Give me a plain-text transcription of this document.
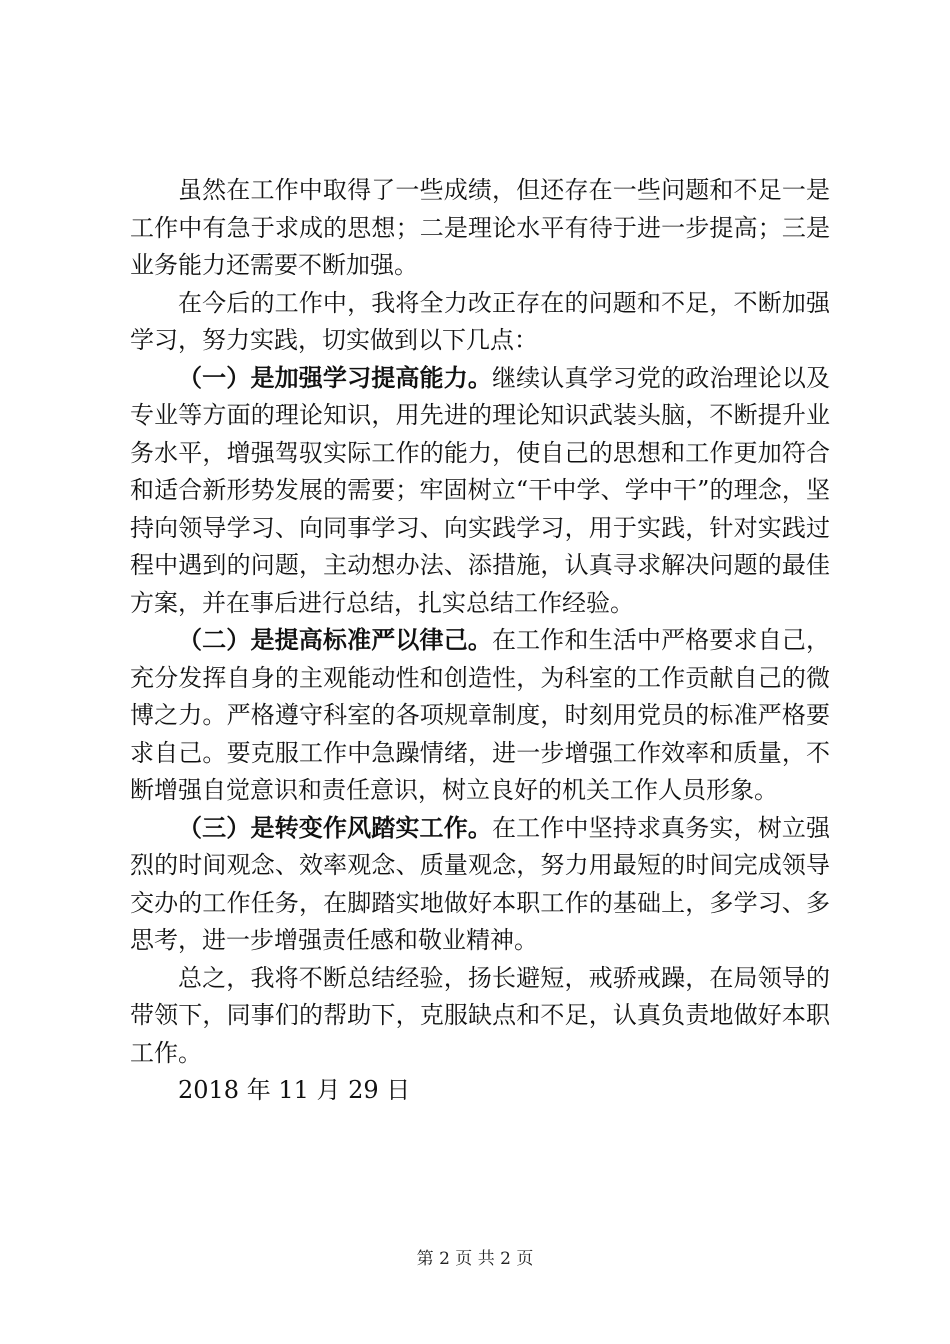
虽然在工作中取得了一些成绩，但还存在一些问题和不足一是工作中有急于求成的思想；二是理论水平有待于进一步提高；三是业务能力还需要不断加强。

在今后的工作中，我将全力改正存在的问题和不足，不断加强学习，努力实践，切实做到以下几点：

（一）是加强学习提高能力。继续认真学习党的政治理论以及专业等方面的理论知识，用先进的理论知识武装头脑，不断提升业务水平，增强驾驭实际工作的能力，使自己的思想和工作更加符合和适合新形势发展的需要；牢固树立“干中学、学中干”的理念，坚持向领导学习、向同事学习、向实践学习，用于实践，针对实践过程中遇到的问题，主动想办法、添措施，认真寻求解决问题的最佳方案，并在事后进行总结，扎实总结工作经验。

（二）是提高标准严以律己。在工作和生活中严格要求自己，充分发挥自身的主观能动性和创造性，为科室的工作贡献自己的微博之力。严格遵守科室的各项规章制度，时刻用党员的标准严格要求自己。要克服工作中急躁情绪，进一步增强工作效率和质量，不断增强自觉意识和责任意识，树立良好的机关工作人员形象。

（三）是转变作风踏实工作。在工作中坚持求真务实，树立强烈的时间观念、效率观念、质量观念，努力用最短的时间完成领导交办的工作任务，在脚踏实地做好本职工作的基础上，多学习、多思考，进一步增强责任感和敬业精神。

总之，我将不断总结经验，扬长避短，戒骄戒躁，在局领导的带领下，同事们的帮助下，克服缺点和不足，认真负责地做好本职工作。

2018 年 11 月 29 日

第 2 页 共 2 页
